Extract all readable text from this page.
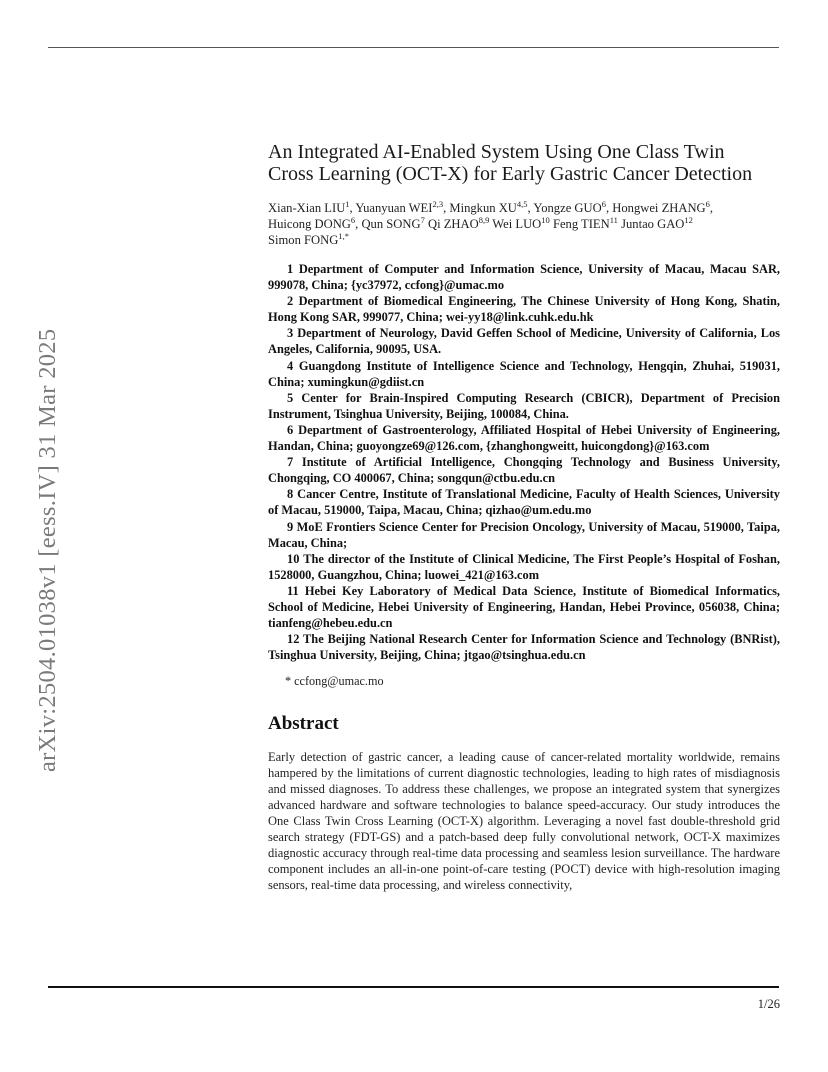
arXiv:2504.01038v1 [eess.IV] 31 Mar 2025
An Integrated AI-Enabled System Using One Class Twin
Cross Learning (OCT-X) for Early Gastric Cancer Detection
Xian-Xian LIU$^1$, Yuanyuan WEI$^{2,3}$, Mingkun XU$^{4,5}$, Yongze GUO$^6$, Hongwei ZHANG$^6$,
Huicong DONG$^6$, Qun SONG$^7$ Qi ZHAO$^{8,9}$ Wei LUO$^{10}$ Feng TIEN$^{11}$ Juntao GAO$^{12}$
Simon $FONG^{1,*}$
1 Department of Computer and Information Science, University of Macau, Macau SAR, 999078, China; {yc37972, ccfong}@umac.mo
2 Department of Biomedical Engineering, The Chinese University of Hong Kong, Shatin, Hong Kong SAR, 999077, China; wei-yy18@link.cuhk.edu.hk
3 Department of Neurology, David Geffen School of Medicine, University of California, Los Angeles, California, 90095, USA.
4 Guangdong Institute of Intelligence Science and Technology, Hengqin, Zhuhai, 519031, China; xumingkun@gdiist.cn
5 Center for Brain-Inspired Computing Research (CBICR), Department of Precision Instrument, Tsinghua University, Beijing, 100084, China.
6 Department of Gastroenterology, Affiliated Hospital of Hebei University of Engineering, Handan, China; guoyongze69@126.com, {zhanghongweitt, huicongdong}@163.com
7 Institute of Artificial Intelligence, Chongqing Technology and Business University, Chongqing, CO 400067, China; songqun@ctbu.edu.cn
8 Cancer Centre, Institute of Translational Medicine, Faculty of Health Sciences, University of Macau, 519000, Taipa, Macau, China; qizhao@um.edu.mo
9 MoE Frontiers Science Center for Precision Oncology, University of Macau, 519000, Taipa, Macau, China;
10 The director of the Institute of Clinical Medicine, The First People’s Hospital of Foshan, 1528000, Guangzhou, China; luowei_421@163.com
11 Hebei Key Laboratory of Medical Data Science, Institute of Biomedical Informatics, School of Medicine, Hebei University of Engineering, Handan, Hebei Province, 056038, China; tianfeng@hebeu.edu.cn
12 The Beijing National Research Center for Information Science and Technology (BNRist), Tsinghua University, Beijing, China; jtgao@tsinghua.edu.cn
* ccfong@umac.mo
Abstract
Early detection of gastric cancer, a leading cause of cancer-related mortality worldwide, remains hampered by the limitations of current diagnostic technologies, leading to high rates of misdiagnosis and missed diagnoses. To address these challenges, we propose an integrated system that synergizes advanced hardware and software technologies to balance speed-accuracy. Our study introduces the One Class Twin Cross Learning (OCT-X) algorithm. Leveraging a novel fast double-threshold grid search strategy (FDT-GS) and a patch-based deep fully convolutional network, OCT-X maximizes diagnostic accuracy through real-time data processing and seamless lesion surveillance. The hardware component includes an all-in-one point-of-care testing (POCT) device with high-resolution imaging sensors, real-time data processing, and wireless connectivity,
1/26
